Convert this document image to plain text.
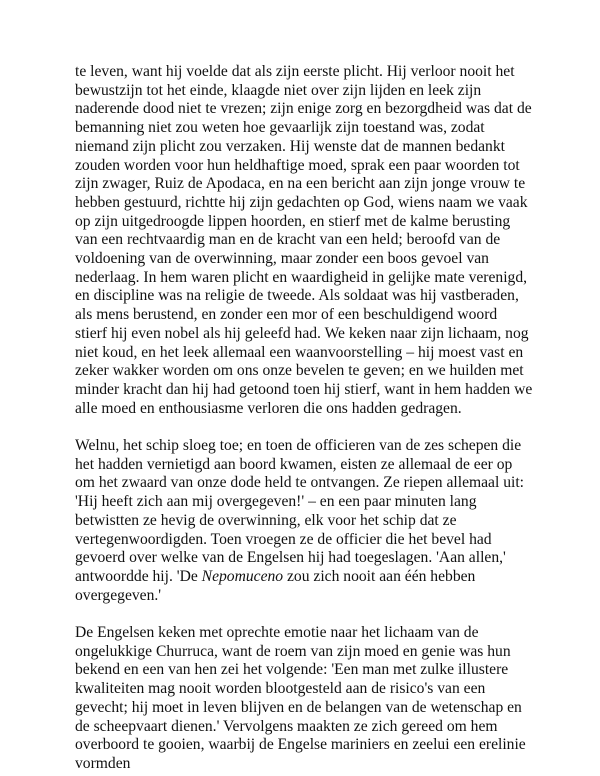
te leven, want hij voelde dat als zijn eerste plicht. Hij verloor nooit het bewustzijn tot het einde, klaagde niet over zijn lijden en leek zijn naderende dood niet te vrezen; zijn enige zorg en bezorgdheid was dat de bemanning niet zou weten hoe gevaarlijk zijn toestand was, zodat niemand zijn plicht zou verzaken. Hij wenste dat de mannen bedankt zouden worden voor hun heldhaftige moed, sprak een paar woorden tot zijn zwager, Ruiz de Apodaca, en na een bericht aan zijn jonge vrouw te hebben gestuurd, richtte hij zijn gedachten op God, wiens naam we vaak op zijn uitgedroogde lippen hoorden, en stierf met de kalme berusting van een rechtvaardig man en de kracht van een held; beroofd van de voldoening van de overwinning, maar zonder een boos gevoel van nederlaag. In hem waren plicht en waardigheid in gelijke mate verenigd, en discipline was na religie de tweede. Als soldaat was hij vastberaden, als mens berustend, en zonder een mor of een beschuldigend woord stierf hij even nobel als hij geleefd had. We keken naar zijn lichaam, nog niet koud, en het leek allemaal een waanvoorstelling – hij moest vast en zeker wakker worden om ons onze bevelen te geven; en we huilden met minder kracht dan hij had getoond toen hij stierf, want in hem hadden we alle moed en enthousiasme verloren die ons hadden gedragen.

Welnu, het schip sloeg toe; en toen de officieren van de zes schepen die het hadden vernietigd aan boord kwamen, eisten ze allemaal de eer op om het zwaard van onze dode held te ontvangen. Ze riepen allemaal uit: 'Hij heeft zich aan mij overgegeven!' – en een paar minuten lang betwistten ze hevig de overwinning, elk voor het schip dat ze vertegenwoordigden. Toen vroegen ze de officier die het bevel had gevoerd over welke van de Engelsen hij had toegeslagen. 'Aan allen,' antwoordde hij. 'De Nepomuceno zou zich nooit aan één hebben overgegeven.'

De Engelsen keken met oprechte emotie naar het lichaam van de ongelukkige Churruca, want de roem van zijn moed en genie was hun bekend en een van hen zei het volgende: 'Een man met zulke illustere kwaliteiten mag nooit worden blootgesteld aan de risico's van een gevecht; hij moet in leven blijven en de belangen van de wetenschap en de scheepvaart dienen.' Vervolgens maakten ze zich gereed om hem overboord te gooien, waarbij de Engelse mariniers en zeelui een erelinie vormden
